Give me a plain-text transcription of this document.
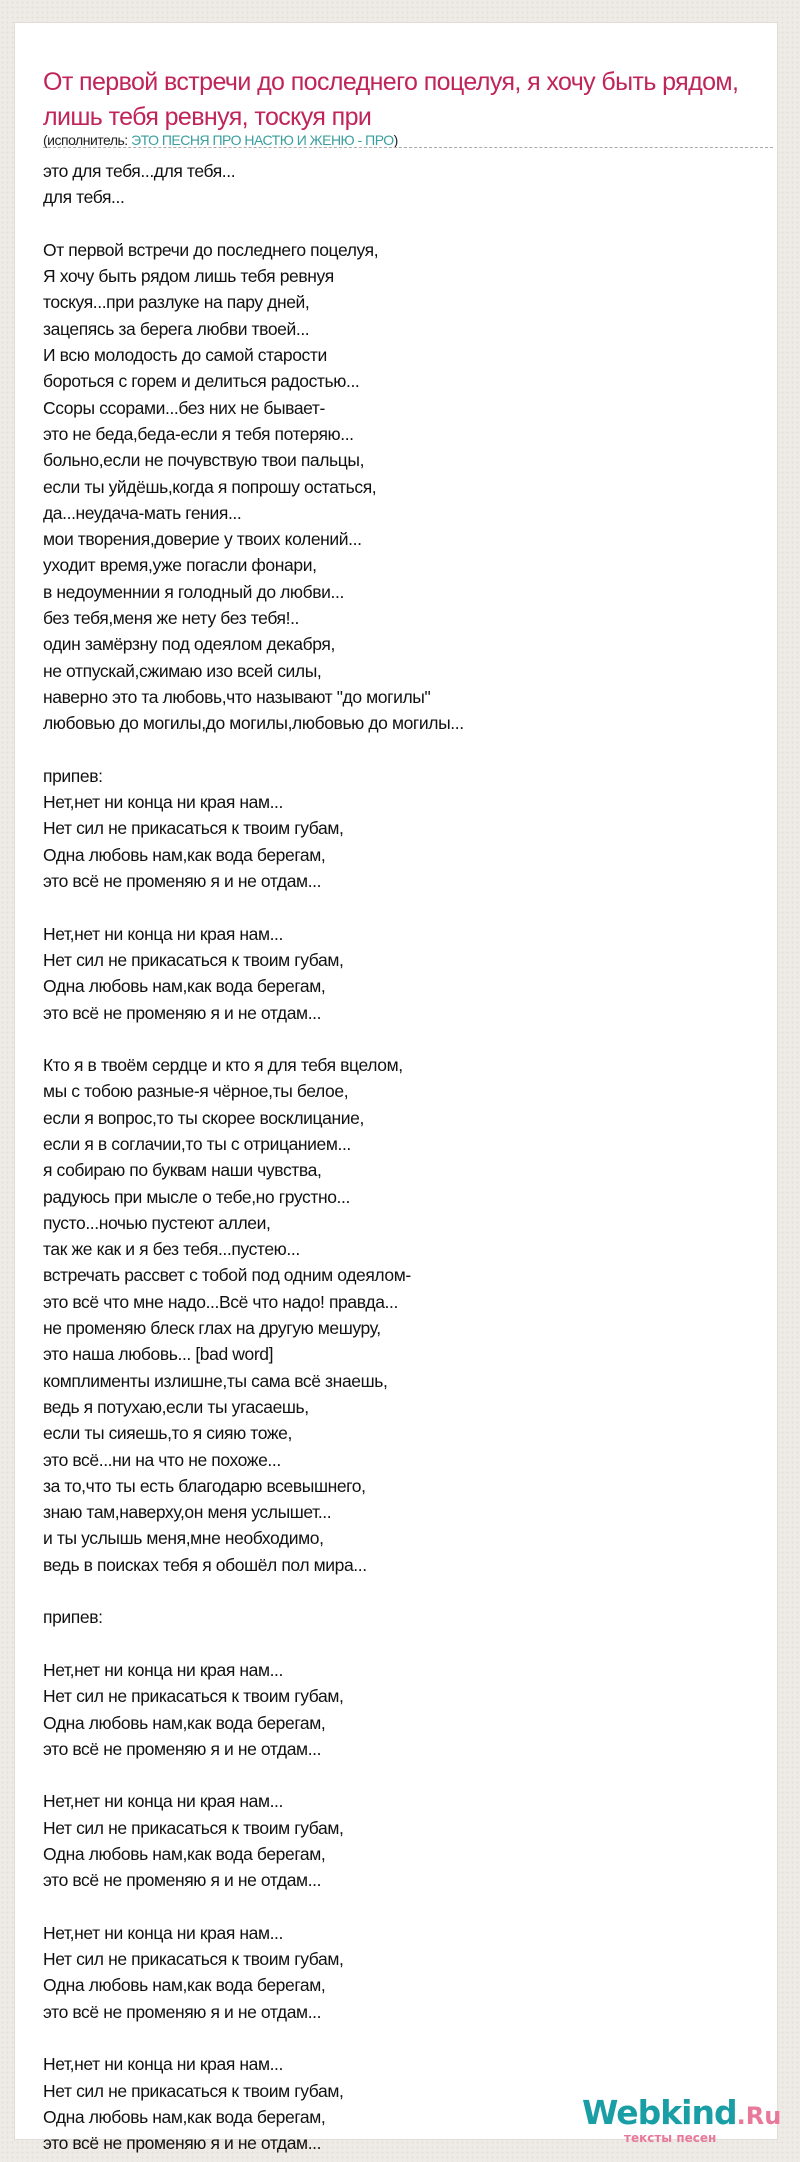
От первой встречи до последнего поцелуя, я хочу быть рядом, лишь тебя ревнуя, тоскуя при
(исполнитель: ЭТО ПЕСНЯ ПРО НАСТЮ И ЖЕНЮ - ПРО)
это для тебя...для тебя...
для тебя...
От первой встречи до последнего поцелуя,
Я хочу быть рядом лишь тебя ревнуя
тоскуя...при разлуке на пару дней,
зацепясь за берега любви твоей...
И всю молодость до самой старости
бороться с горем и делиться радостью...
Ссоры ссорами...без них не бывает-
это не беда,беда-если я тебя потеряю...
больно,если не почувствую твои пальцы,
если ты уйдёшь,когда я попрошу остаться,
да...неудача-мать гения...
мои творения,доверие у твоих колений...
уходит время,уже погасли фонари,
в недоуменнии я голодный до любви...
без тебя,меня же нету без тебя!..
один замёрзну под одеялом декабря,
не отпускай,сжимаю изо всей силы,
наверно это та любовь,что называют "до могилы"
любовью до могилы,до могилы,любовью до могилы...
припев:
Нет,нет ни конца ни края нам...
Нет сил не прикасаться к твоим губам,
Одна любовь нам,как вода берегам,
это всё не променяю я и не отдам...
Нет,нет ни конца ни края нам...
Нет сил не прикасаться к твоим губам,
Одна любовь нам,как вода берегам,
это всё не променяю я и не отдам...
Кто я в твоём сердце и кто я для тебя вцелом,
мы с тобою разные-я чёрное,ты белое,
если я вопрос,то ты скорее восклицание,
если я в соглачии,то ты с отрицанием...
я собираю по буквам наши чувства,
радуюсь при мысле о тебе,но грустно...
пусто...ночью пустеют аллеи,
так же как и я без тебя...пустею...
встречать рассвет с тобой под одним одеялом-
это всё что мне надо...Всё что надо! правда...
не променяю блеск глах на другую мешуру,
это наша любовь... [bad word]
комплименты излишне,ты сама всё знаешь,
ведь я потухаю,если ты угасаешь,
если ты сияешь,то я сияю тоже,
это всё...ни на что не похоже...
за то,что ты есть благодарю всевышнего,
знаю там,наверху,он меня услышет...
и ты услышь меня,мне необходимо,
ведь в поисках тебя я обошёл пол мира...
припев:
Нет,нет ни конца ни края нам...
Нет сил не прикасаться к твоим губам,
Одна любовь нам,как вода берегам,
это всё не променяю я и не отдам...
Нет,нет ни конца ни края нам...
Нет сил не прикасаться к твоим губам,
Одна любовь нам,как вода берегам,
это всё не променяю я и не отдам...
Нет,нет ни конца ни края нам...
Нет сил не прикасаться к твоим губам,
Одна любовь нам,как вода берегам,
это всё не променяю я и не отдам...
Нет,нет ни конца ни края нам...
Нет сил не прикасаться к твоим губам,
Одна любовь нам,как вода берегам,
это всё не променяю я и не отдам...
Webkind.Ru
тексты песен
